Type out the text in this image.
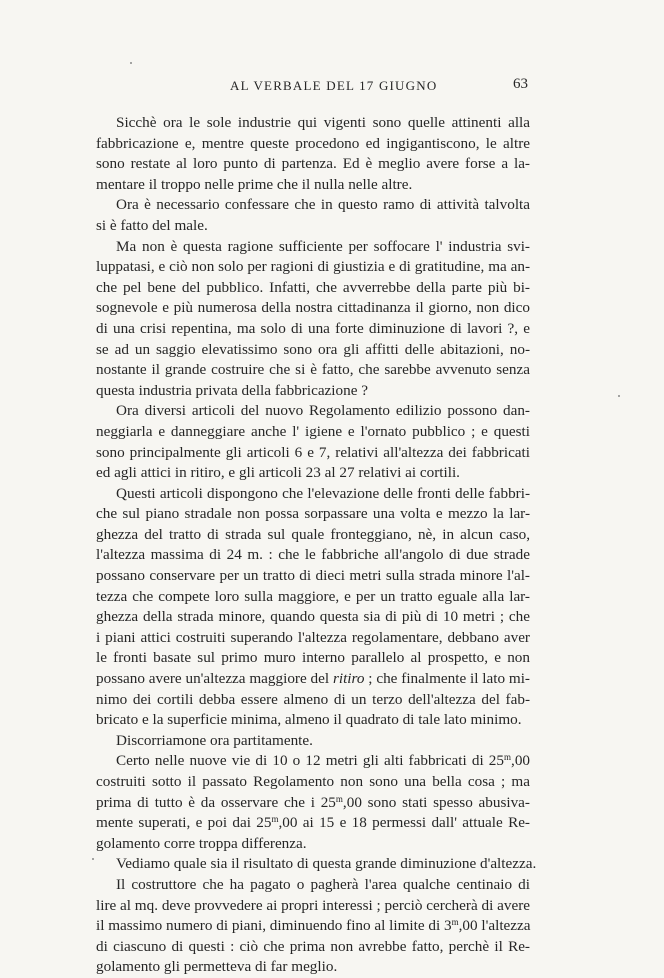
AL VERBALE DEL 17 GIUGNO	63
Sicchè ora le sole industrie qui vigenti sono quelle attinenti alla
fabbricazione e, mentre queste procedono ed ingigantiscono, le altre
sono restate al loro punto di partenza. Ed è meglio avere forse a la-
mentare il troppo nelle prime che il nulla nelle altre.
Ora è necessario confessare che in questo ramo di attività talvolta
si è fatto del male.
Ma non è questa ragione sufficiente per soffocare l' industria svi-
luppatasi, e ciò non solo per ragioni di giustizia e di gratitudine, ma an-
che pel bene del pubblico. Infatti, che avverrebbe della parte più bi-
sognevole e più numerosa della nostra cittadinanza il giorno, non dico
di una crisi repentina, ma solo di una forte diminuzione di lavori ?, e
se ad un saggio elevatissimo sono ora gli affitti delle abitazioni, no-
nostante il grande costruire che si è fatto, che sarebbe avvenuto senza
questa industria privata della fabbricazione ?
Ora diversi articoli del nuovo Regolamento edilizio possono dan-
neggiarla e danneggiare anche l' igiene e l'ornato pubblico ; e questi
sono principalmente gli articoli 6 e 7, relativi all'altezza dei fabbricati
ed agli attici in ritiro, e gli articoli 23 al 27 relativi ai cortili.
Questi articoli dispongono che l'elevazione delle fronti delle fabbri-
che sul piano stradale non possa sorpassare una volta e mezzo la lar-
ghezza del tratto di strada sul quale fronteggiano, nè, in alcun caso,
l'altezza massima di 24 m. : che le fabbriche all'angolo di due strade
possano conservare per un tratto di dieci metri sulla strada minore l'al-
tezza che compete loro sulla maggiore, e per un tratto eguale alla lar-
ghezza della strada minore, quando questa sia di più di 10 metri ; che
i piani attici costruiti superando l'altezza regolamentare, debbano aver
le fronti basate sul primo muro interno parallelo al prospetto, e non
possano avere un'altezza maggiore del ritiro ; che finalmente il lato mi-
nimo dei cortili debba essere almeno di un terzo dell'altezza del fab-
bricato e la superficie minima, almeno il quadrato di tale lato minimo.
Discorriamone ora partitamente.
Certo nelle nuove vie di 10 o 12 metri gli alti fabbricati di 25$^m$,00
costruiti sotto il passato Regolamento non sono una bella cosa ; ma
prima di tutto è da osservare che i 25$^m$,00 sono stati spesso abusiva-
mente superati, e poi dai 25$^m$,00 ai 15 e 18 permessi dall' attuale Re-
golamento corre troppa differenza.
Vediamo quale sia il risultato di questa grande diminuzione d'altezza.
Il costruttore che ha pagato o pagherà l'area qualche centinaio di
lire al mq. deve provvedere ai propri interessi ; perciò cercherà di avere
il massimo numero di piani, diminuendo fino al limite di 3$^m$,00 l'altezza
di ciascuno di questi : ciò che prima non avrebbe fatto, perchè il Re-
golamento gli permetteva di far meglio.
